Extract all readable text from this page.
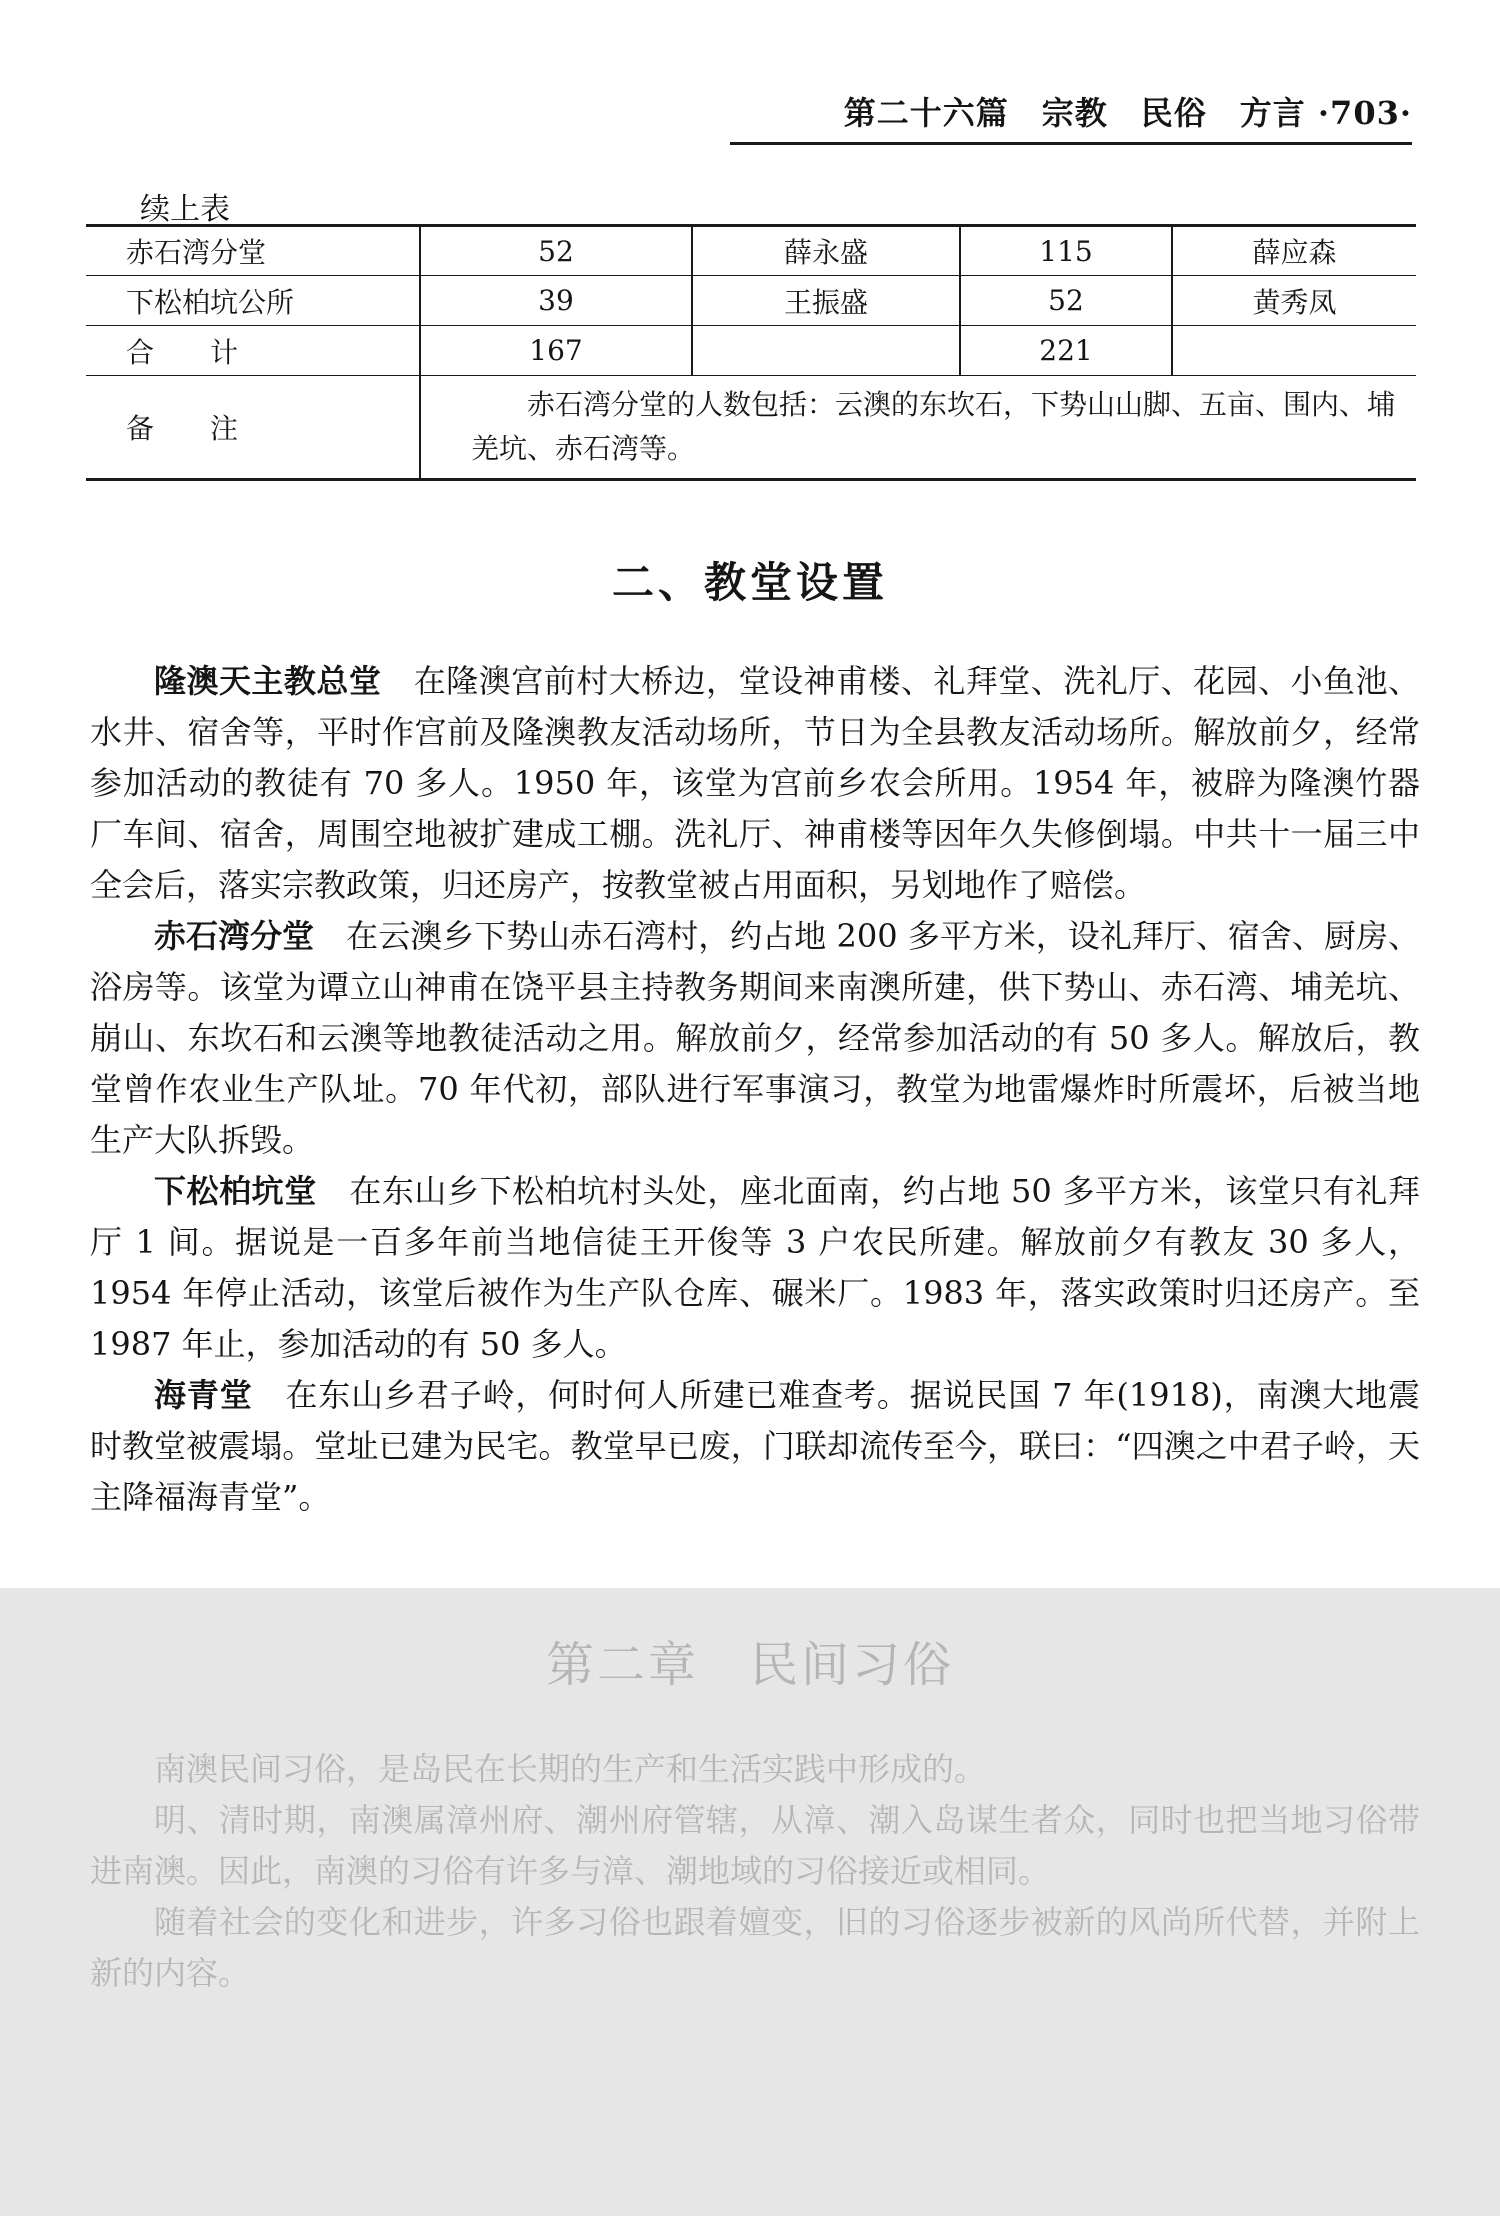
第二十六篇　宗教　民俗　方言 ·703·
续上表
赤石湾分堂	52	薛永盛	115	薛应森
下松柏坑公所	39	王振盛	52	黄秀凤
合　　计	167		221	
备　　注	赤石湾分堂的人数包括：云澳的东坎石，下势山山脚、五亩、围内、埔羌坑、赤石湾等。			
二、教堂设置

隆澳天主教总堂　 在隆澳宫前村大桥边，堂设神甫楼、礼拜堂、洗礼厅、花园、小鱼池、水井、宿舍等，平时作宫前及隆澳教友活动场所，节日为全县教友活动场所。解放前夕，经常参加活动的教徒有 70 多人。1950 年，该堂为宫前乡农会所用。1954 年，被辟为隆澳竹器厂车间、宿舍，周围空地被扩建成工棚。洗礼厅、神甫楼等因年久失修倒塌。中共十一届三中全会后，落实宗教政策，归还房产，按教堂被占用面积，另划地作了赔偿。

赤石湾分堂　 在云澳乡下势山赤石湾村，约占地 200 多平方米，设礼拜厅、宿舍、厨房、浴房等。该堂为谭立山神甫在饶平县主持教务期间来南澳所建，供下势山、赤石湾、埔羌坑、崩山、东坎石和云澳等地教徒活动之用。解放前夕，经常参加活动的有 50 多人。解放后，教堂曾作农业生产队址。70 年代初，部队进行军事演习，教堂为地雷爆炸时所震坏，后被当地生产大队拆毁。

下松柏坑堂　 在东山乡下松柏坑村头处，座北面南，约占地 50 多平方米，该堂只有礼拜厅 1 间。据说是一百多年前当地信徒王开俊等 3 户农民所建。解放前夕有教友 30 多人，1954 年停止活动，该堂后被作为生产队仓库、碾米厂。1983 年，落实政策时归还房产。至 1987 年止，参加活动的有 50 多人。

海青堂　 在东山乡君子岭，何时何人所建已难查考。据说民国 7 年(1918)，南澳大地震时教堂被震塌。堂址已建为民宅。教堂早已废，门联却流传至今，联曰：“四澳之中君子岭，天主降福海青堂”。

第二章　民间习俗

南澳民间习俗，是岛民在长期的生产和生活实践中形成的。

明、清时期，南澳属漳州府、潮州府管辖，从漳、潮入岛谋生者众，同时也把当地习俗带进南澳。因此，南澳的习俗有许多与漳、潮地域的习俗接近或相同。

随着社会的变化和进步，许多习俗也跟着嬗变，旧的习俗逐步被新的风尚所代替，并附上新的内容。
